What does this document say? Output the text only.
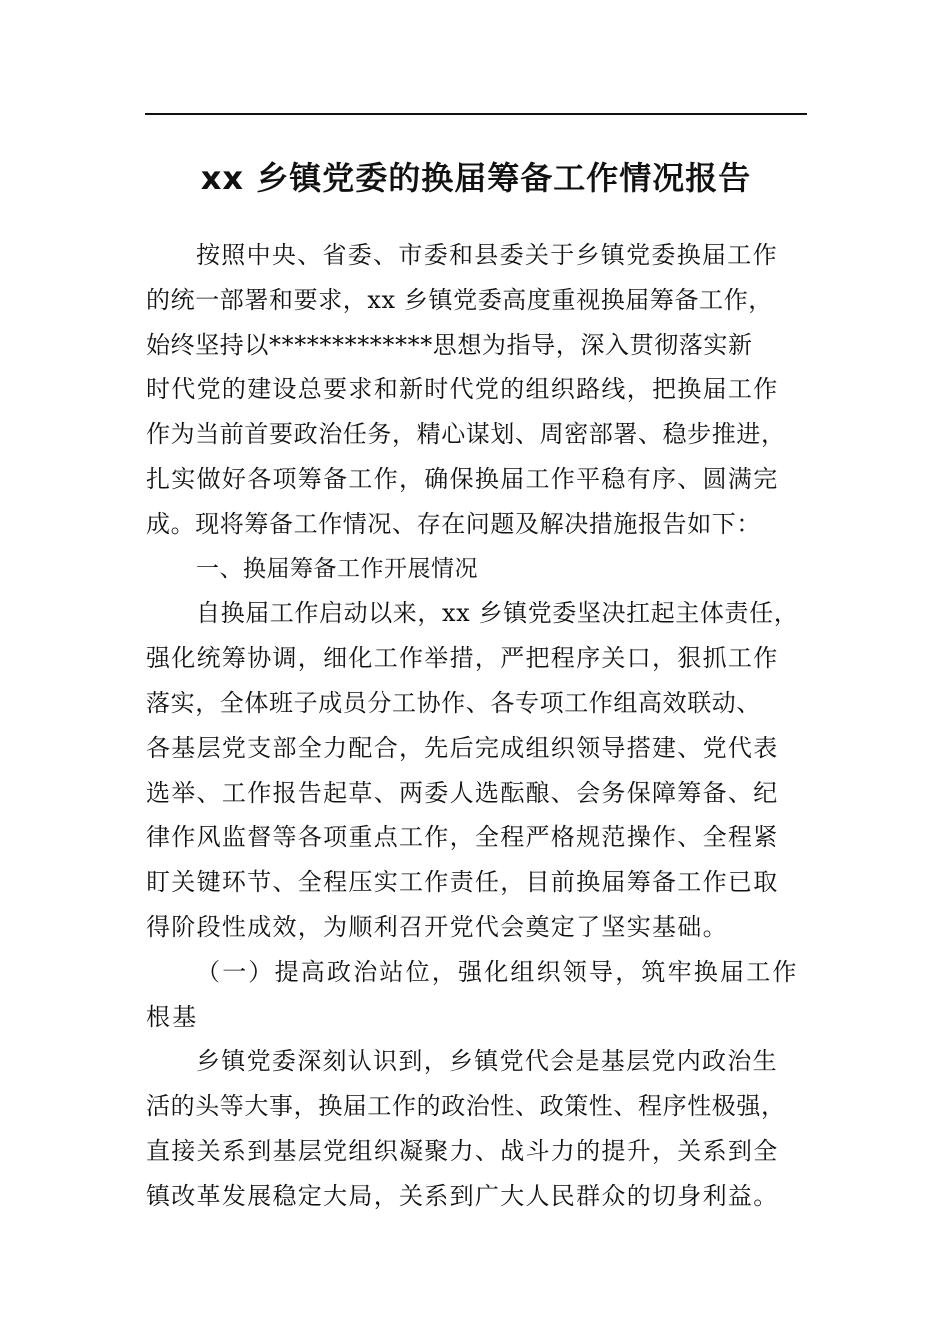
xx 乡镇党委的换届筹备工作情况报告
按照中央、省委、市委和县委关于乡镇党委换届工作
的统一部署和要求，xx 乡镇党委高度重视换届筹备工作，
始终坚持以*************思想为指导，深入贯彻落实新
时代党的建设总要求和新时代党的组织路线，把换届工作
作为当前首要政治任务，精心谋划、周密部署、稳步推进，
扎实做好各项筹备工作，确保换届工作平稳有序、圆满完
成。现将筹备工作情况、存在问题及解决措施报告如下：
一、换届筹备工作开展情况
自换届工作启动以来，xx 乡镇党委坚决扛起主体责任，
强化统筹协调，细化工作举措，严把程序关口，狠抓工作
落实，全体班子成员分工协作、各专项工作组高效联动、
各基层党支部全力配合，先后完成组织领导搭建、党代表
选举、工作报告起草、两委人选酝酿、会务保障筹备、纪
律作风监督等各项重点工作，全程严格规范操作、全程紧
盯关键环节、全程压实工作责任，目前换届筹备工作已取
得阶段性成效，为顺利召开党代会奠定了坚实基础。
（一）提高政治站位，强化组织领导，筑牢换届工作
根基
乡镇党委深刻认识到，乡镇党代会是基层党内政治生
活的头等大事，换届工作的政治性、政策性、程序性极强，
直接关系到基层党组织凝聚力、战斗力的提升，关系到全
镇改革发展稳定大局，关系到广大人民群众的切身利益。
